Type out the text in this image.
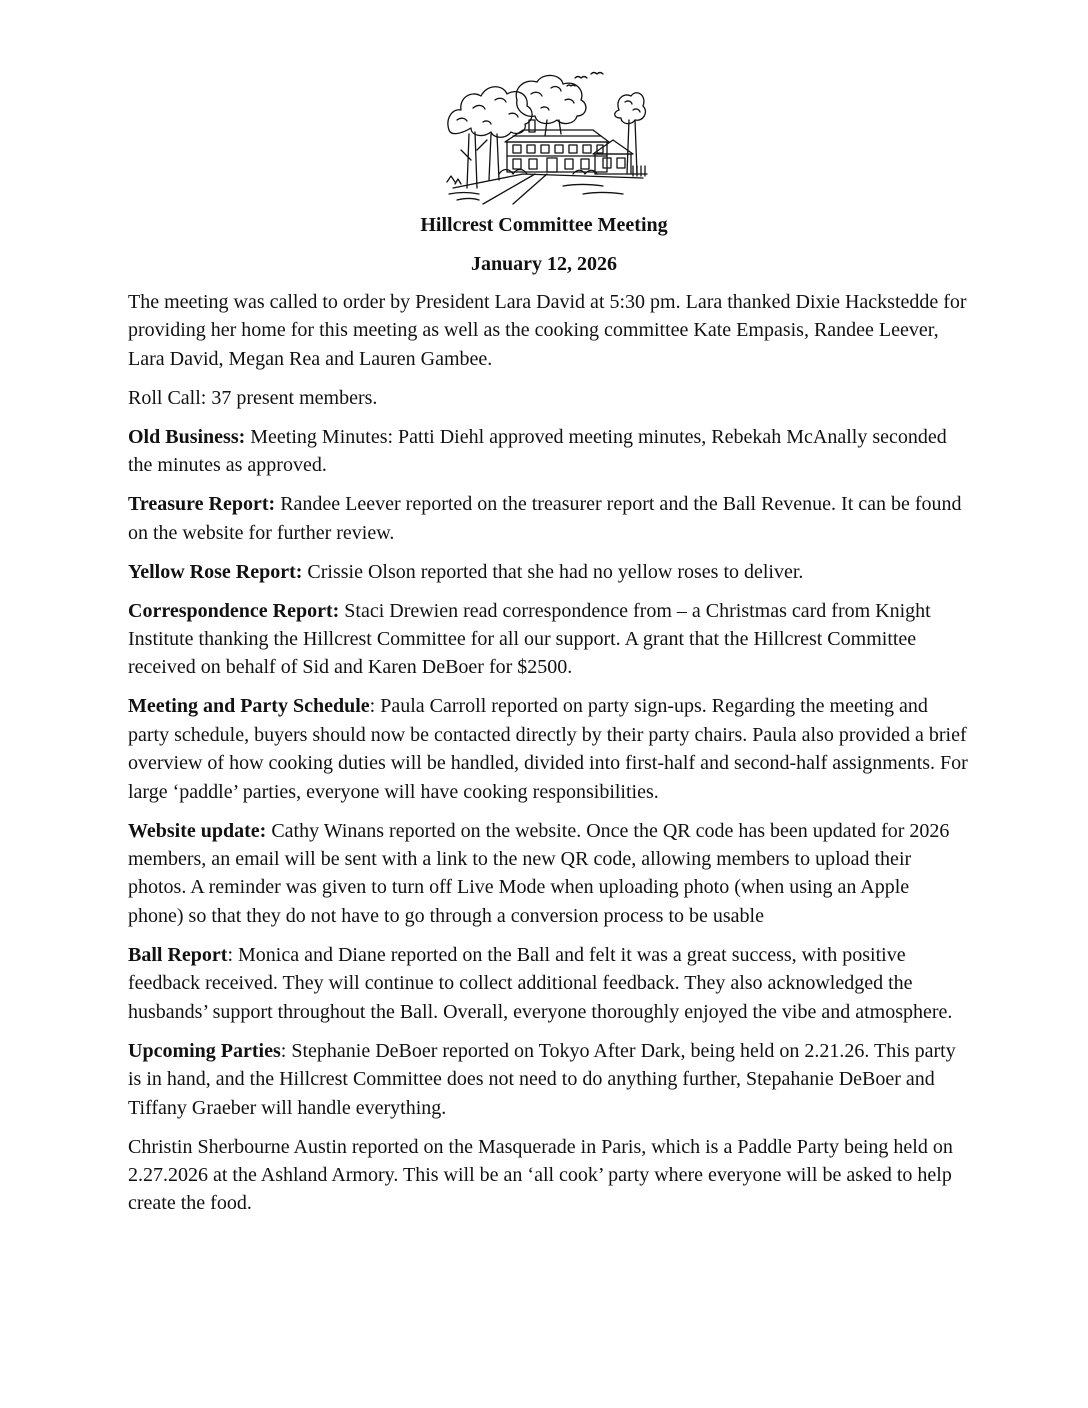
Hillcrest Committee Meeting
January 12, 2026

The meeting was called to order by President Lara David at 5:30 pm. Lara thanked Dixie Hackstedde for providing her home for this meeting as well as the cooking committee Kate Empasis, Randee Leever, Lara David, Megan Rea and Lauren Gambee.

Roll Call: 37 present members.

Old Business: Meeting Minutes: Patti Diehl approved meeting minutes, Rebekah McAnally seconded the minutes as approved.

Treasure Report: Randee Leever reported on the treasurer report and the Ball Revenue. It can be found on the website for further review.

Yellow Rose Report: Crissie Olson reported that she had no yellow roses to deliver.

Correspondence Report: Staci Drewien read correspondence from – a Christmas card from Knight Institute thanking the Hillcrest Committee for all our support. A grant that the Hillcrest Committee received on behalf of Sid and Karen DeBoer for $2500.

Meeting and Party Schedule: Paula Carroll reported on party sign-ups. Regarding the meeting and party schedule, buyers should now be contacted directly by their party chairs. Paula also provided a brief overview of how cooking duties will be handled, divided into first-half and second-half assignments. For large ‘paddle’ parties, everyone will have cooking responsibilities.

Website update: Cathy Winans reported on the website. Once the QR code has been updated for 2026 members, an email will be sent with a link to the new QR code, allowing members to upload their photos. A reminder was given to turn off Live Mode when uploading photo (when using an Apple phone) so that they do not have to go through a conversion process to be usable

Ball Report: Monica and Diane reported on the Ball and felt it was a great success, with positive feedback received. They will continue to collect additional feedback. They also acknowledged the husbands’ support throughout the Ball. Overall, everyone thoroughly enjoyed the vibe and atmosphere.

Upcoming Parties: Stephanie DeBoer reported on Tokyo After Dark, being held on 2.21.26. This party is in hand, and the Hillcrest Committee does not need to do anything further, Stepahanie DeBoer and Tiffany Graeber will handle everything.

Christin Sherbourne Austin reported on the Masquerade in Paris, which is a Paddle Party being held on 2.27.2026 at the Ashland Armory. This will be an ‘all cook’ party where everyone will be asked to help create the food.
